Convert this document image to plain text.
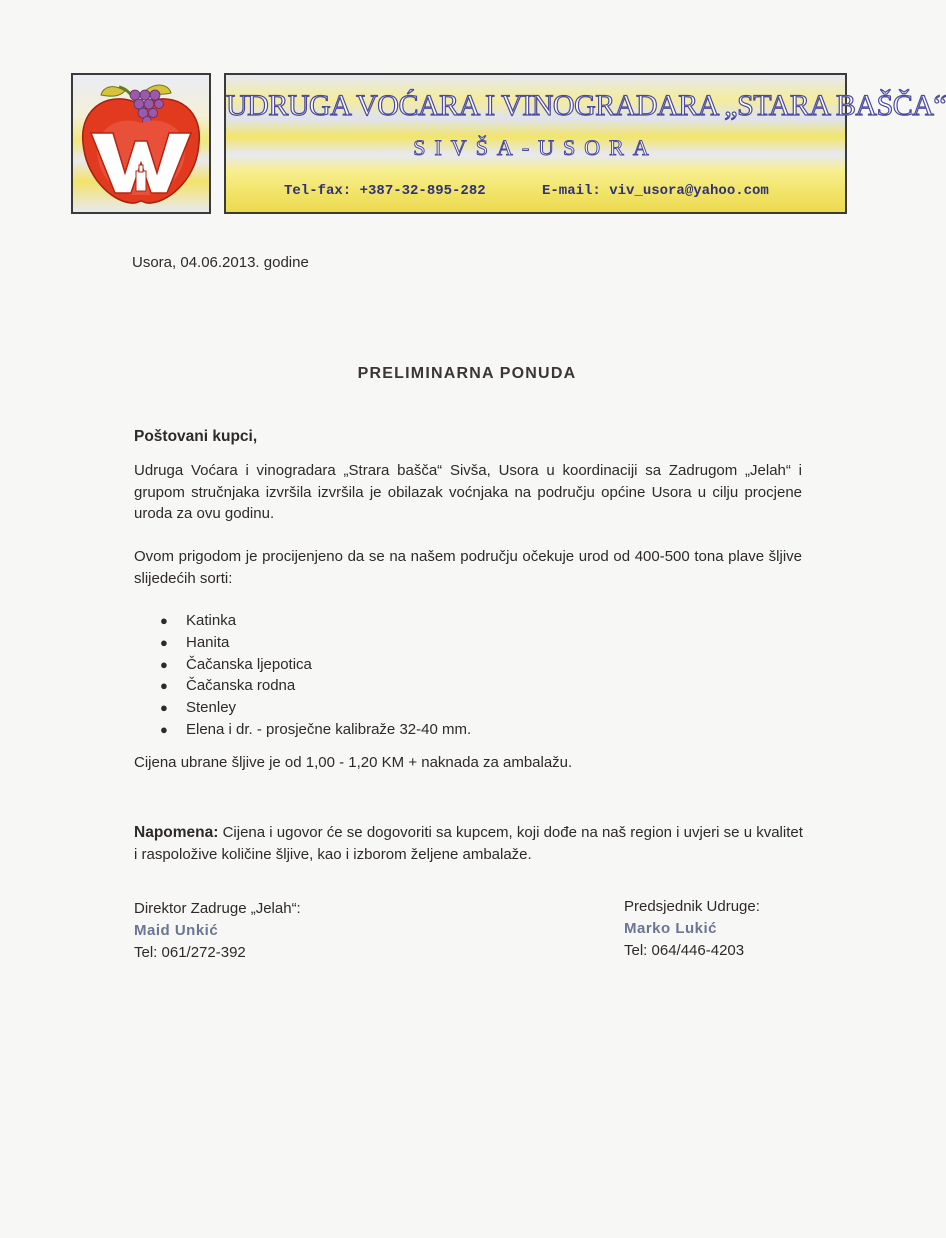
UDRUGA VOĆARA I VINOGRADARA „STARA BAŠČA“
SIVŠA-USORA
Tel-fax: +387-32-895-282	E-mail: viv_usora@yahoo.com
Usora, 04.06.2013. godine
PRELIMINARNA PONUDA
Poštovani kupci,
Udruga Voćara i vinogradara „Strara bašča“ Sivša, Usora u koordinaciji sa Zadrugom „Jelah“ i grupom stručnjaka izvršila izvršila je obilazak voćnjaka na području općine Usora u cilju procjene uroda za ovu godinu.
Ovom prigodom je procijenjeno da se na našem području očekuje urod od 400-500 tona plave šljive slijedećih sorti:
● Katinka
● Hanita
● Čačanska ljepotica
● Čačanska rodna
● Stenley
● Elena i dr. - prosječne kalibraže 32-40 mm.
Cijena ubrane šljive je od 1,00 - 1,20 KM + naknada za ambalažu.
Napomena: Cijena i ugovor će se dogovoriti sa kupcem, koji dođe na naš region i uvjeri se u kvalitet i raspoložive količine šljive, kao i izborom željene ambalaže.
Direktor Zadruge „Jelah“:
Maid Unkić
Tel: 061/272-392
Predsjednik Udruge:
Marko Lukić
Tel: 064/446-4203
